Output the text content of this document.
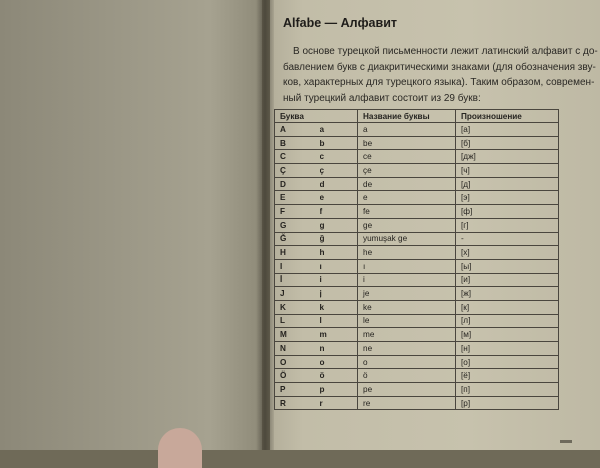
Alfabe — Алфавит
В основе турецкой письменности лежит латинский алфавит с до-
бавлением букв с диакритическими знаками (для обозначения зву-
ков, характерных для турецкого языка). Таким образом, современ-
ный турецкий алфавит состоит из 29 букв:
Буква		Название буквы	Произношение
A	a	a	[а]
B	b	be	[б]
C	c	ce	[дж]
Ç	ç	çe	[ч]
D	d	de	[д]
E	e	e	[э]
F	f	fe	[ф]
G	g	ge	[г]
Ğ	ğ	yumuşak ge	-
H	h	he	[х]
I	ı	ı	[ы]
İ	i	i	[и]
J	j	je	[ж]
K	k	ke	[к]
L	l	le	[л]
M	m	me	[м]
N	n	ne	[н]
O	o	o	[о]
Ö	ö	ö	[ё]
P	p	pe	[п]
R	r	re	[р]
